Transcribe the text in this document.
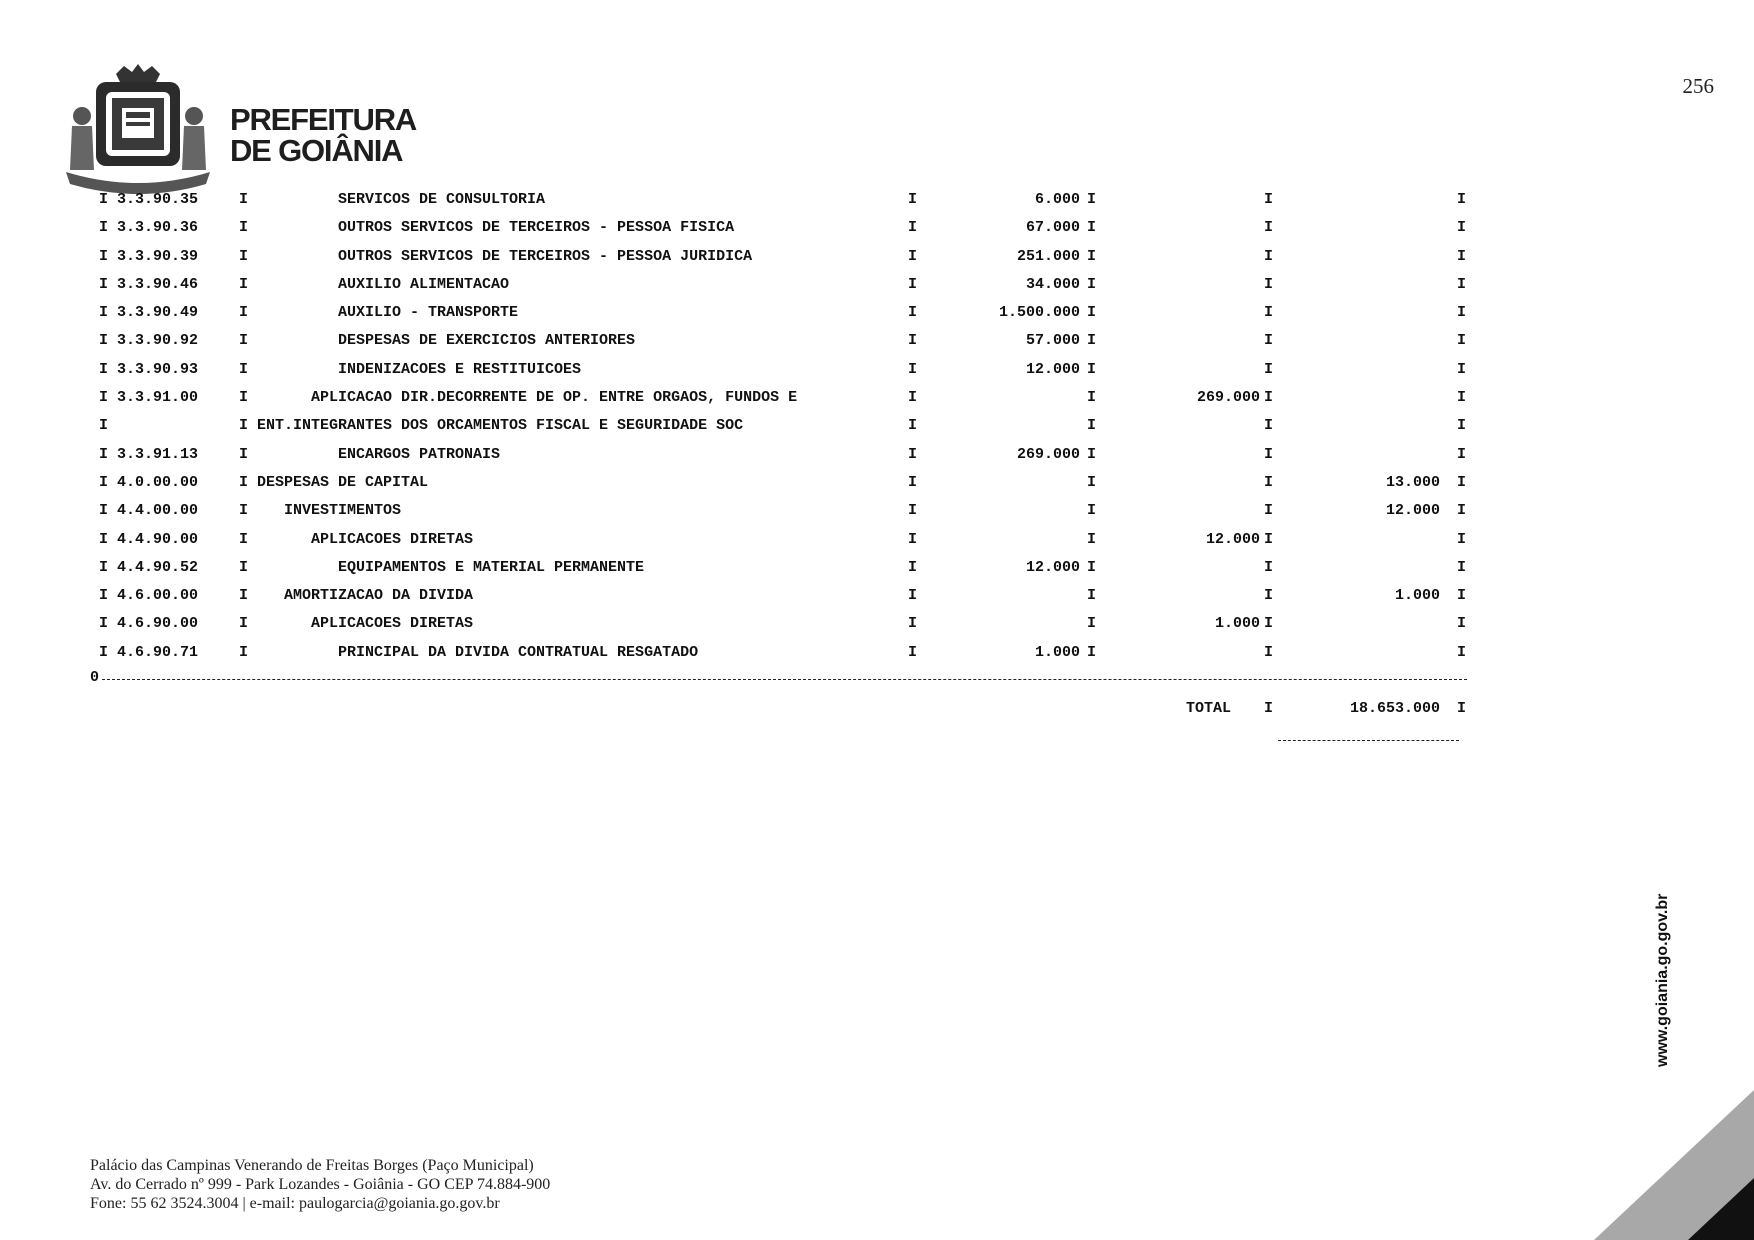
256
PREFEITURA
DE GOIÂNIA
I 3.3.90.35	I SERVICOS DE CONSULTORIA	I	6.000 I	I	I
I 3.3.90.36	I OUTROS SERVICOS DE TERCEIROS - PESSOA FISICA	I	67.000 I	I	I
I 3.3.90.39	I OUTROS SERVICOS DE TERCEIROS - PESSOA JURIDICA	I	251.000 I	I	I
I 3.3.90.46	I AUXILIO ALIMENTACAO	I	34.000 I	I	I
I 3.3.90.49	I AUXILIO - TRANSPORTE	I	1.500.000 I	I	I
I 3.3.90.92	I DESPESAS DE EXERCICIOS ANTERIORES	I	57.000 I	I	I
I 3.3.90.93	I INDENIZACOES E RESTITUICOES	I	12.000 I	I	I
I 3.3.91.00	I APLICACAO DIR.DECORRENTE DE OP. ENTRE ORGAOS, FUNDOS E	I	I	269.000 I	I
I	I ENT.INTEGRANTES DOS ORCAMENTOS FISCAL E SEGURIDADE SOC	I	I	I	I
I 3.3.91.13	I ENCARGOS PATRONAIS	I	269.000 I	I	I
I 4.0.00.00	I DESPESAS DE CAPITAL	I	I	I	13.000 I
I 4.4.00.00	I INVESTIMENTOS	I	I	I	12.000 I
I 4.4.90.00	I APLICACOES DIRETAS	I	I	12.000 I	I
I 4.4.90.52	I EQUIPAMENTOS E MATERIAL PERMANENTE	I	12.000 I	I	I
I 4.6.00.00	I AMORTIZACAO DA DIVIDA	I	I	I	1.000 I
I 4.6.90.00	I APLICACOES DIRETAS	I	I	1.000 I	I
I 4.6.90.71	I PRINCIPAL DA DIVIDA CONTRATUAL RESGATADO	I	1.000 I	I	I
0
TOTAL I	18.653.000 I
Palácio das Campinas Venerando de Freitas Borges (Paço Municipal)
Av. do Cerrado nº 999 - Park Lozandes - Goiânia - GO CEP 74.884-900
Fone: 55 62 3524.3004 | e-mail: paulogarcia@goiania.go.gov.br
www.goiania.go.gov.br
